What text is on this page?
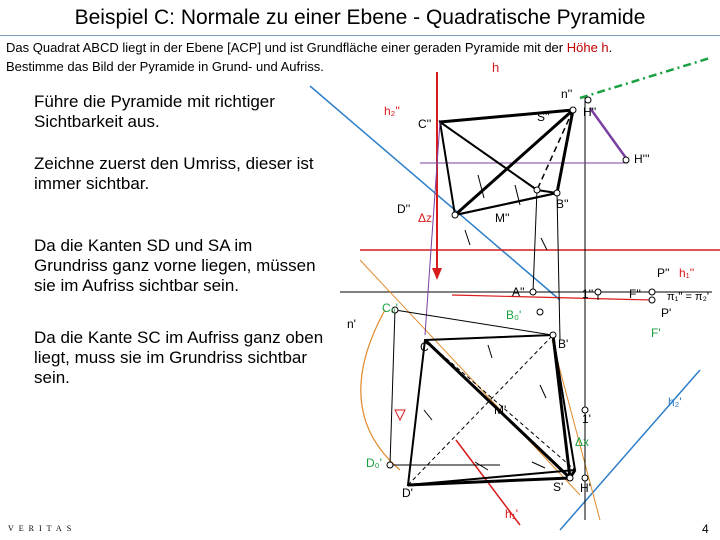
Beispiel C: Normale zu einer Ebene - Quadratische Pyramide
Das Quadrat ABCD liegt in der Ebene [ACP] und ist Grundfläche einer geraden Pyramide mit der Höhe h.
Bestimme das Bild der Pyramide in Grund- und Aufriss.
Führe die Pyramide mit richtiger Sichtbarkeit aus.
Zeichne zuerst den Umriss, dieser ist immer sichtbar.
Da die Kanten SD und SA im Grundriss ganz vorne liegen, müssen sie im Aufriss sichtbar sein.
Da die Kante SC im Aufriss ganz oben liegt, muss sie im Grundriss sichtbar sein.
n''
H''
S''
h₂''
C''
H'''
B''
D''
Δz	M''
P'' h₁''
A''	1''	F'' π₁'' = π₂'
C₀'	B₀'	P'
F'
n'
C'	B'
h₂'
M'
1'
Δx
D₀'
S' H'
D'
h₁'
h
VERITAS	4
